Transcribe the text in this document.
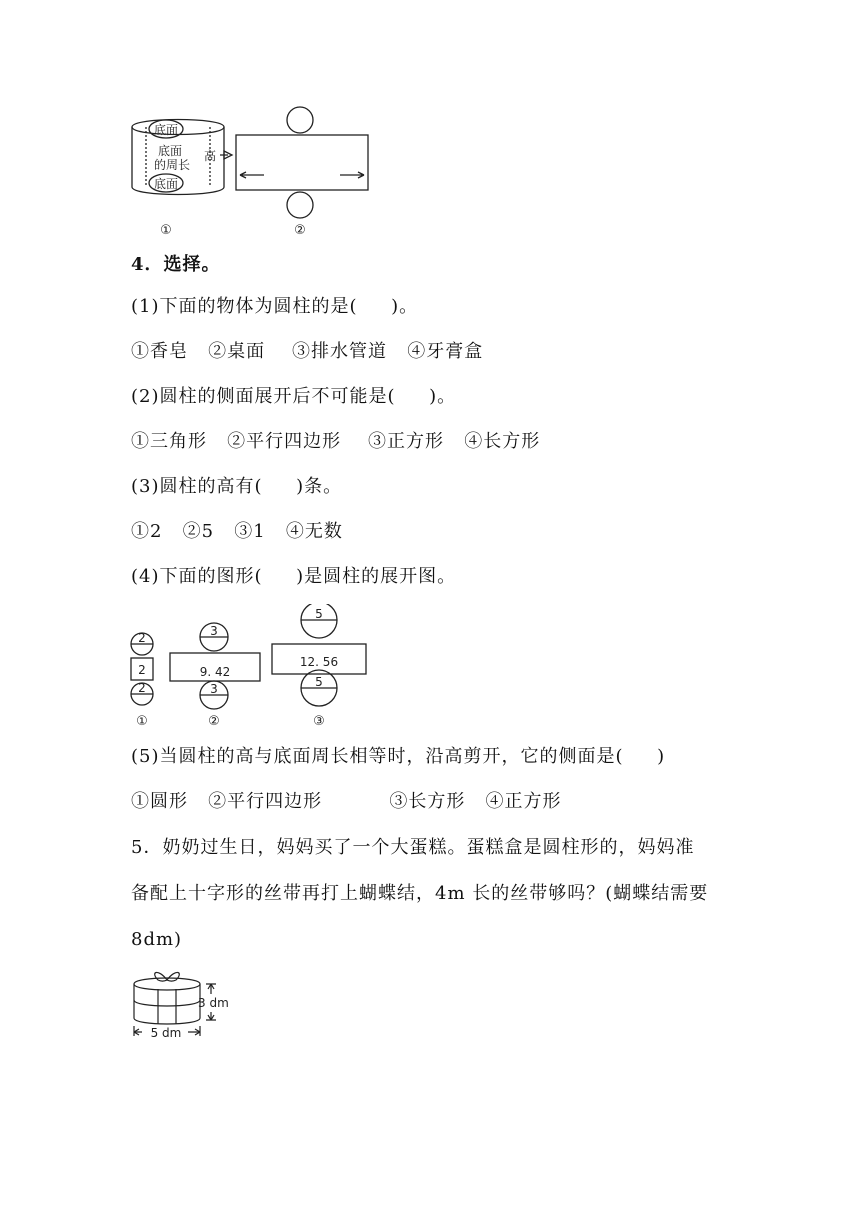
底面
底面
的周长
底面
①
高
②
4．选择。
(1)下面的物体为圆柱的是(     )。
①香皂   ②桌面    ③排水管道   ④牙膏盒
(2)圆柱的侧面展开后不可能是(     )。
①三角形   ②平行四边形    ③正方形   ④长方形
(3)圆柱的高有(     )条。
①2   ②5   ③1   ④无数
(4)下面的图形(     )是圆柱的展开图。
2
2
2
3
9. 42
3
5
12. 56
5
①	②	③
(5)当圆柱的高与底面周长相等时，沿高剪开，它的侧面是(     )
①圆形   ②平行四边形          ③长方形   ④正方形
5．奶奶过生日，妈妈买了一个大蛋糕。蛋糕盒是圆柱形的，妈妈准
备配上十字形的丝带再打上蝴蝶结，4m 长的丝带够吗？(蝴蝶结需要
8dm)
3 dm
5 dm
